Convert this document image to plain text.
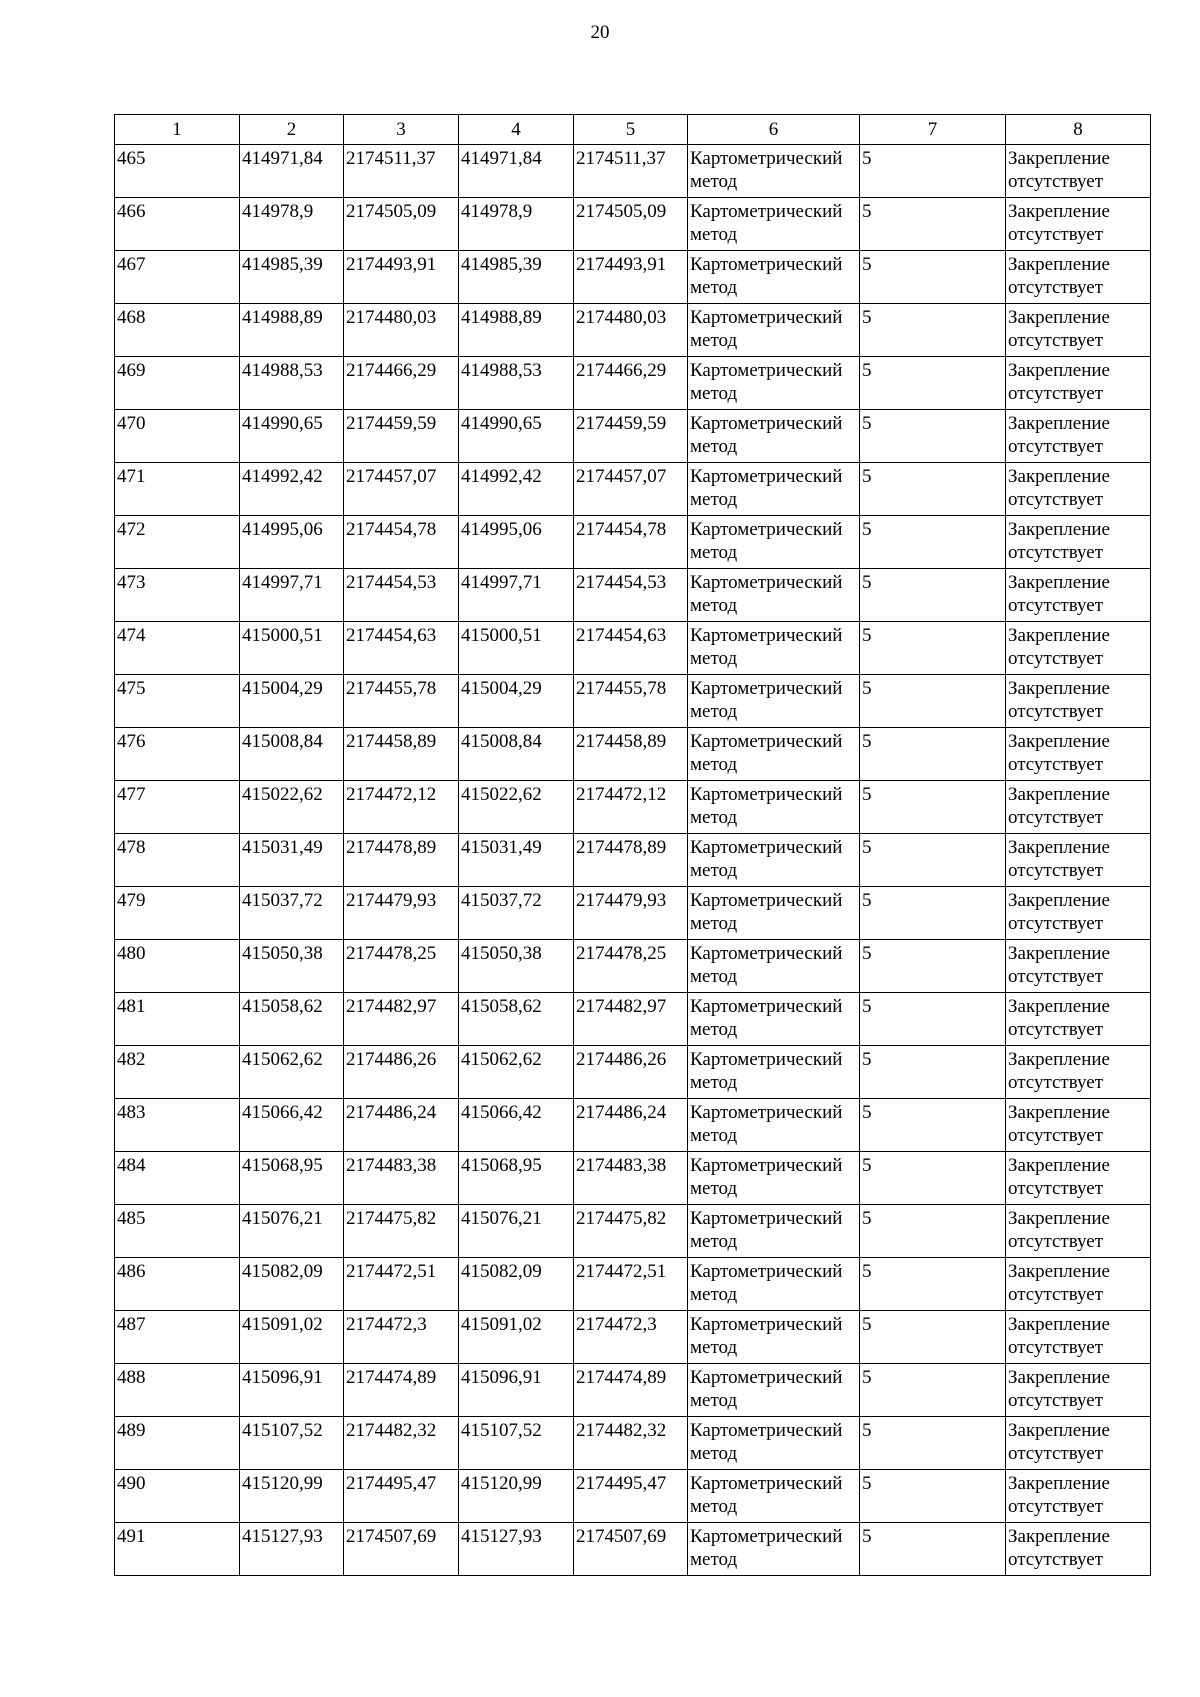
20
1	2	3	4	5	6	7	8
465	414971,84	2174511,37	414971,84	2174511,37	Картометрический метод	5	Закрепление отсутствует
466	414978,9	2174505,09	414978,9	2174505,09	Картометрический метод	5	Закрепление отсутствует
467	414985,39	2174493,91	414985,39	2174493,91	Картометрический метод	5	Закрепление отсутствует
468	414988,89	2174480,03	414988,89	2174480,03	Картометрический метод	5	Закрепление отсутствует
469	414988,53	2174466,29	414988,53	2174466,29	Картометрический метод	5	Закрепление отсутствует
470	414990,65	2174459,59	414990,65	2174459,59	Картометрический метод	5	Закрепление отсутствует
471	414992,42	2174457,07	414992,42	2174457,07	Картометрический метод	5	Закрепление отсутствует
472	414995,06	2174454,78	414995,06	2174454,78	Картометрический метод	5	Закрепление отсутствует
473	414997,71	2174454,53	414997,71	2174454,53	Картометрический метод	5	Закрепление отсутствует
474	415000,51	2174454,63	415000,51	2174454,63	Картометрический метод	5	Закрепление отсутствует
475	415004,29	2174455,78	415004,29	2174455,78	Картометрический метод	5	Закрепление отсутствует
476	415008,84	2174458,89	415008,84	2174458,89	Картометрический метод	5	Закрепление отсутствует
477	415022,62	2174472,12	415022,62	2174472,12	Картометрический метод	5	Закрепление отсутствует
478	415031,49	2174478,89	415031,49	2174478,89	Картометрический метод	5	Закрепление отсутствует
479	415037,72	2174479,93	415037,72	2174479,93	Картометрический метод	5	Закрепление отсутствует
480	415050,38	2174478,25	415050,38	2174478,25	Картометрический метод	5	Закрепление отсутствует
481	415058,62	2174482,97	415058,62	2174482,97	Картометрический метод	5	Закрепление отсутствует
482	415062,62	2174486,26	415062,62	2174486,26	Картометрический метод	5	Закрепление отсутствует
483	415066,42	2174486,24	415066,42	2174486,24	Картометрический метод	5	Закрепление отсутствует
484	415068,95	2174483,38	415068,95	2174483,38	Картометрический метод	5	Закрепление отсутствует
485	415076,21	2174475,82	415076,21	2174475,82	Картометрический метод	5	Закрепление отсутствует
486	415082,09	2174472,51	415082,09	2174472,51	Картометрический метод	5	Закрепление отсутствует
487	415091,02	2174472,3	415091,02	2174472,3	Картометрический метод	5	Закрепление отсутствует
488	415096,91	2174474,89	415096,91	2174474,89	Картометрический метод	5	Закрепление отсутствует
489	415107,52	2174482,32	415107,52	2174482,32	Картометрический метод	5	Закрепление отсутствует
490	415120,99	2174495,47	415120,99	2174495,47	Картометрический метод	5	Закрепление отсутствует
491	415127,93	2174507,69	415127,93	2174507,69	Картометрический метод	5	Закрепление отсутствует
